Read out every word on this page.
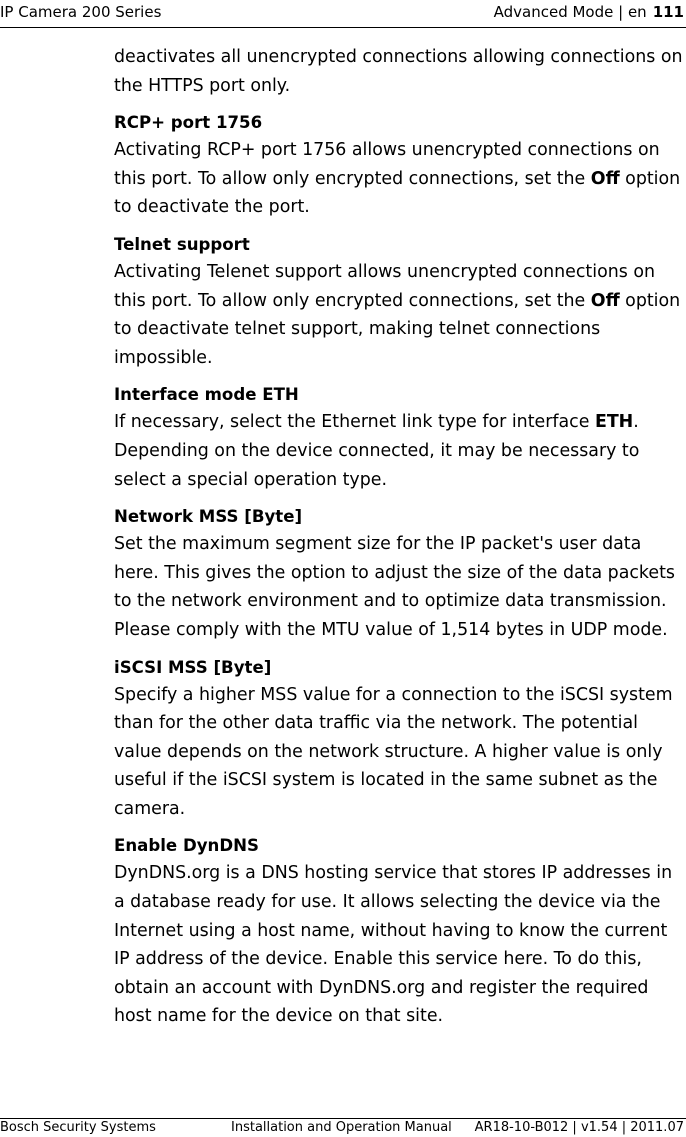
IP Camera 200 Series	Advanced Mode | en 111

deactivates all unencrypted connections allowing connections on the HTTPS port only.

RCP+ port 1756

Activating RCP+ port 1756 allows unencrypted connections on this port. To allow only encrypted connections, set the Off option to deactivate the port.

Telnet support

Activating Telenet support allows unencrypted connections on this port. To allow only encrypted connections, set the Off option to deactivate telnet support, making telnet connections impossible.

Interface mode ETH

If necessary, select the Ethernet link type for interface ETH. Depending on the device connected, it may be necessary to select a special operation type.

Network MSS [Byte]

Set the maximum segment size for the IP packet's user data here. This gives the option to adjust the size of the data packets to the network environment and to optimize data transmission. Please comply with the MTU value of 1,514 bytes in UDP mode.

iSCSI MSS [Byte]

Specify a higher MSS value for a connection to the iSCSI system than for the other data traffic via the network. The potential value depends on the network structure. A higher value is only useful if the iSCSI system is located in the same subnet as the camera.

Enable DynDNS

DynDNS.org is a DNS hosting service that stores IP addresses in a database ready for use. It allows selecting the device via the Internet using a host name, without having to know the current IP address of the device. Enable this service here. To do this, obtain an account with DynDNS.org and register the required host name for the device on that site.

Bosch Security Systems	Installation and Operation Manual AR18-10-B012 | v1.54 | 2011.07
